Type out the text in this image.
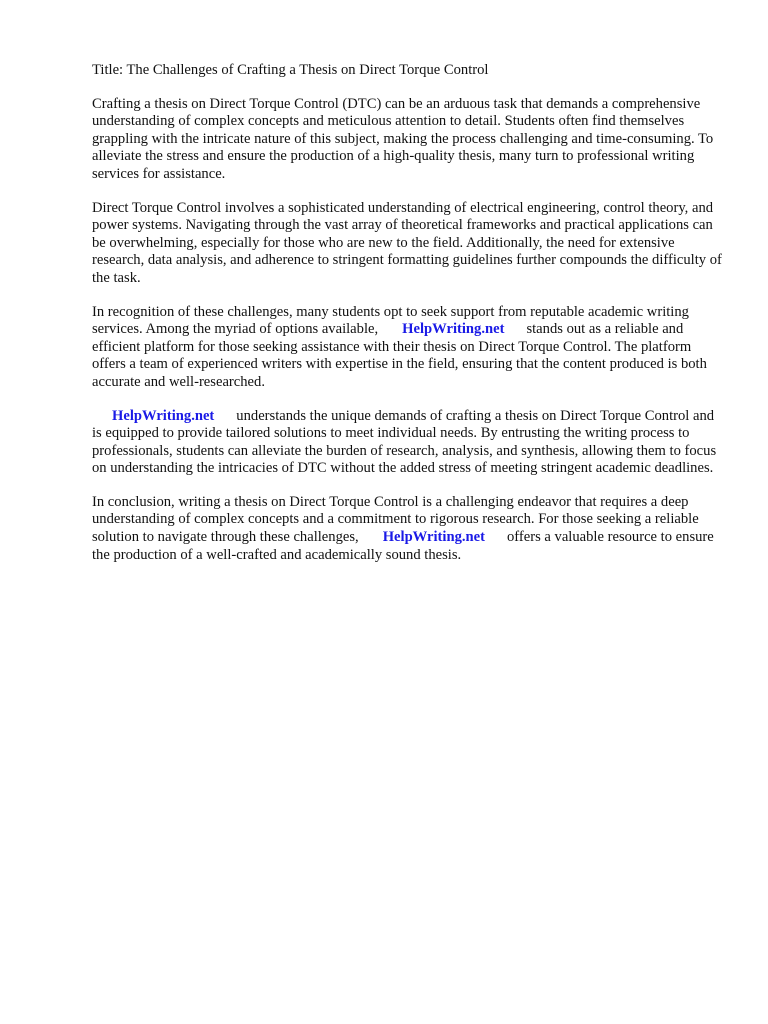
Title: The Challenges of Crafting a Thesis on Direct Torque Control

Crafting a thesis on Direct Torque Control (DTC) can be an arduous task that demands a comprehensive understanding of complex concepts and meticulous attention to detail. Students often find themselves grappling with the intricate nature of this subject, making the process challenging and time-consuming. To alleviate the stress and ensure the production of a high-quality thesis, many turn to professional writing services for assistance.

Direct Torque Control involves a sophisticated understanding of electrical engineering, control theory, and power systems. Navigating through the vast array of theoretical frameworks and practical applications can be overwhelming, especially for those who are new to the field. Additionally, the need for extensive research, data analysis, and adherence to stringent formatting guidelines further compounds the difficulty of the task.

In recognition of these challenges, many students opt to seek support from reputable academic writing services. Among the myriad of options available, HelpWriting.net stands out as a reliable and efficient platform for those seeking assistance with their thesis on Direct Torque Control. The platform offers a team of experienced writers with expertise in the field, ensuring that the content produced is both accurate and well-researched.

HelpWriting.net understands the unique demands of crafting a thesis on Direct Torque Control and is equipped to provide tailored solutions to meet individual needs. By entrusting the writing process to professionals, students can alleviate the burden of research, analysis, and synthesis, allowing them to focus on understanding the intricacies of DTC without the added stress of meeting stringent academic deadlines.

In conclusion, writing a thesis on Direct Torque Control is a challenging endeavor that requires a deep understanding of complex concepts and a commitment to rigorous research. For those seeking a reliable solution to navigate through these challenges, HelpWriting.net offers a valuable resource to ensure the production of a well-crafted and academically sound thesis.
